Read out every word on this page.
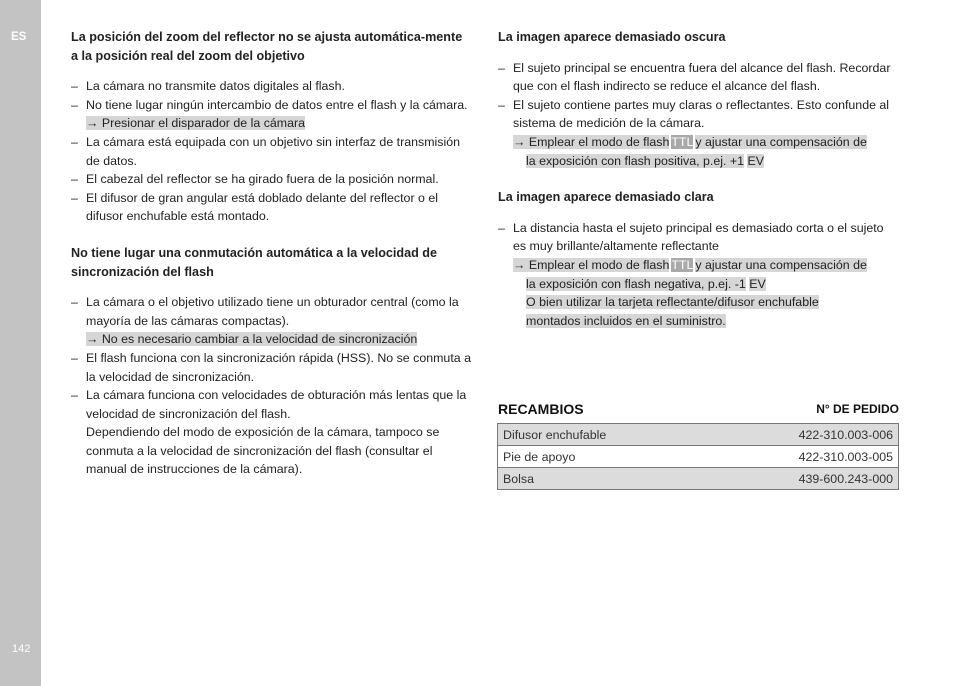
ES
142

La posición del zoom del reflector no se ajusta automática-mente a la posición real del zoom del objetivo

– La cámara no transmite datos digitales al flash.

– No tiene lugar ningún intercambio de datos entre el flash y la cámara.

→ Presionar el disparador de la cámara

– La cámara está equipada con un objetivo sin interfaz de transmisión de datos.

– El cabezal del reflector se ha girado fuera de la posición normal.

– El difusor de gran angular está doblado delante del reflector o el difusor enchufable está montado.

No tiene lugar una conmutación automática a la velocidad de sincronización del flash

– La cámara o el objetivo utilizado tiene un obturador central (como la mayoría de las cámaras compactas).

→ No es necesario cambiar a la velocidad de sincronización

– El flash funciona con la sincronización rápida (HSS). No se conmuta a la velocidad de sincronización.

– La cámara funciona con velocidades de obturación más lentas que la velocidad de sincronización del flash.

Dependiendo del modo de exposición de la cámara, tampoco se conmuta a la velocidad de sincronización del flash (consultar el manual de instrucciones de la cámara).

La imagen aparece demasiado oscura

– El sujeto principal se encuentra fuera del alcance del flash. Recordar que con el flash indirecto se reduce el alcance del flash.

– El sujeto contiene partes muy claras o reflectantes. Esto confunde al sistema de medición de la cámara.

→ Emplear el modo de flash TTL y ajustar una compensación de
la exposición con flash positiva, p.ej. +1 EV

La imagen aparece demasiado clara

– La distancia hasta el sujeto principal es demasiado corta o el sujeto es muy brillante/altamente reflectante

→ Emplear el modo de flash TTL y ajustar una compensación de
la exposición con flash negativa, p.ej. -1 EV
O bien utilizar la tarjeta reflectante/difusor enchufable
montados incluidos en el suministro.

RECAMBIOS	N° DE PEDIDO
Difusor enchufable	422-310.003-006
Pie de apoyo	422-310.003-005
Bolsa	439-600.243-000
